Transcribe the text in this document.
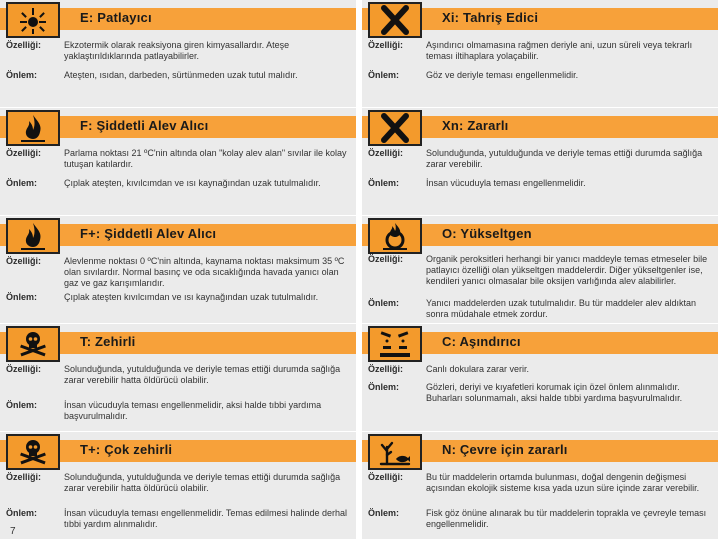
E: Patlayıcı
Özelliği:	Ekzotermik olarak reaksiyona giren kimyasallardır. Ateşe yaklaştırıldıklarında patlayabilirler.
Önlem:	Ateşten, ısıdan, darbeden, sürtünmeden uzak tutul malıdır.
F: Şiddetli Alev Alıcı
Özelliği:	Parlama noktası 21 ºC'nin altında olan "kolay alev alan" sıvılar ile kolay tutuşan katılardır.
Önlem:	Çıplak ateşten, kıvılcımdan ve ısı kaynağından uzak tutulmalıdır.
F+: Şiddetli Alev Alıcı
Özelliği:	Alevlenme noktası 0 ºC'nin altında, kaynama noktası maksimum 35 ºC olan sıvılardır. Normal basınç ve oda sıcaklığında havada yanıcı olan gaz ve gaz karışımlarıdır.
Önlem:	Çıplak ateşten kıvılcımdan ve ısı kaynağından uzak tutulmalıdır.
T: Zehirli
Özelliği:	Solunduğunda, yutulduğunda ve deriyle temas ettiği durumda sağlığa zarar verebilir hatta öldürücü olabilir.
Önlem:	İnsan vücuduyla teması engellenmelidir, aksi halde tıbbi yardıma başvurulmalıdır.
T+: Çok zehirli
Özelliği:	Solunduğunda, yutulduğunda ve deriyle temas ettiği durumda sağlığa zarar verebilir hatta öldürücü olabilir.
Önlem:	İnsan vücuduyla teması engellenmelidir. Temas edilmesi halinde derhal tıbbi yardım alınmalıdır.
Xi: Tahriş Edici
Özelliği:	Aşındırıcı olmamasına rağmen deriyle ani, uzun süreli veya tekrarlı teması iltihaplara yolaçabilir.
Önlem:	Göz ve deriyle teması engellenmelidir.
Xn: Zararlı
Özelliği:	Solunduğunda, yutulduğunda ve deriyle temas ettiği durumda sağlığa zarar verebilir.
Önlem:	İnsan vücuduyla teması engellenmelidir.
O: Yükseltgen
Özelliği:	Organik peroksitleri herhangi bir yanıcı maddeyle temas etmeseler bile patlayıcı özelliği olan yükseltgen maddelerdir. Diğer yükseltgenler ise, kendileri yanıcı olmasalar bile oksijen varlığında alev alabilirler.
Önlem:	Yanıcı maddelerden uzak tutulmalıdır. Bu tür maddeler alev aldıktan sonra müdahale etmek zordur.
C: Aşındırıcı
Özelliği:	Canlı dokulara zarar verir.
Önlem:	Gözleri, deriyi ve kıyafetleri korumak için özel önlem alınmalıdır. Buharları solunmamalı, aksi halde tıbbi yardıma başvurulmalıdır.
N: Çevre için zararlı
Özelliği:	Bu tür maddelerin ortamda bulunması, doğal dengenin değişmesi açısından ekolojik sisteme kısa yada uzun süre içinde zarar verebilir.
Önlem:	Fisk göz önüne alınarak bu tür maddelerin toprakla ve çevreyle teması engellenmelidir.
7
